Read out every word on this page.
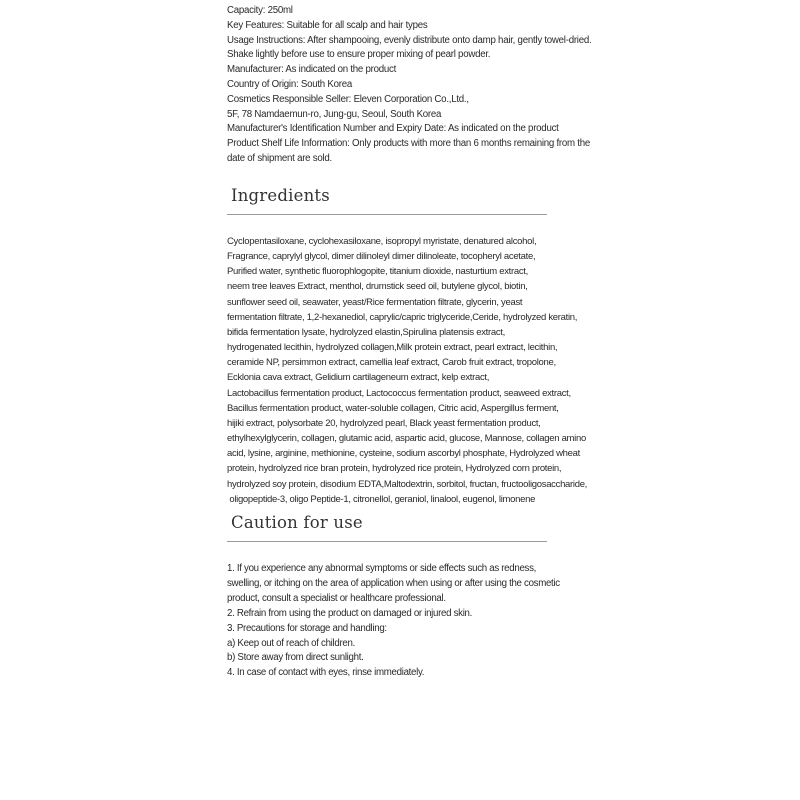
Capacity: 250ml
Key Features: Suitable for all scalp and hair types
Usage Instructions: After shampooing, evenly distribute onto damp hair, gently towel-dried.
Shake lightly before use to ensure proper mixing of pearl powder.
Manufacturer: As indicated on the product
Country of Origin: South Korea
Cosmetics Responsible Seller: Eleven Corporation Co.,Ltd.,
5F, 78 Namdaemun-ro, Jung-gu, Seoul, South Korea
Manufacturer's Identification Number and Expiry Date: As indicated on the product
Product Shelf Life Information: Only products with more than 6 months remaining from the
date of shipment are sold.
Ingredients
Cyclopentasiloxane, cyclohexasiloxane, isopropyl myristate, denatured alcohol,
Fragrance, caprylyl glycol, dimer dilinoleyl dimer dilinoleate, tocopheryl acetate,
Purified water, synthetic fluorophlogopite, titanium dioxide, nasturtium extract,
neem tree leaves Extract, menthol, drumstick seed oil, butylene glycol, biotin,
sunflower seed oil, seawater, yeast/Rice fermentation filtrate, glycerin, yeast
fermentation filtrate, 1,2-hexanediol, caprylic/capric triglyceride,Ceride, hydrolyzed keratin,
bifida fermentation lysate, hydrolyzed elastin,Spirulina platensis extract,
hydrogenated lecithin, hydrolyzed collagen,Milk protein extract, pearl extract, lecithin,
ceramide NP, persimmon extract, camellia leaf extract, Carob fruit extract, tropolone,
Ecklonia cava extract, Gelidium cartilageneum extract, kelp extract,
Lactobacillus fermentation product, Lactococcus fermentation product, seaweed extract,
Bacillus fermentation product, water-soluble collagen, Citric acid, Aspergillus ferment,
hijiki extract, polysorbate 20, hydrolyzed pearl, Black yeast fermentation product,
ethylhexylglycerin, collagen, glutamic acid, aspartic acid, glucose, Mannose, collagen amino
acid, lysine, arginine, methionine, cysteine, sodium ascorbyl phosphate, Hydrolyzed wheat
protein, hydrolyzed rice bran protein, hydrolyzed rice protein, Hydrolyzed corn protein,
hydrolyzed soy protein, disodium EDTA,Maltodextrin, sorbitol, fructan, fructooligosaccharide,
oligopeptide-3, oligo Peptide-1, citronellol, geraniol, linalool, eugenol, limonene
Caution for use
1. If you experience any abnormal symptoms or side effects such as redness,
swelling, or itching on the area of application when using or after using the cosmetic
product, consult a specialist or healthcare professional.
2. Refrain from using the product on damaged or injured skin.
3. Precautions for storage and handling:
a) Keep out of reach of children.
b) Store away from direct sunlight.
4. In case of contact with eyes, rinse immediately.
